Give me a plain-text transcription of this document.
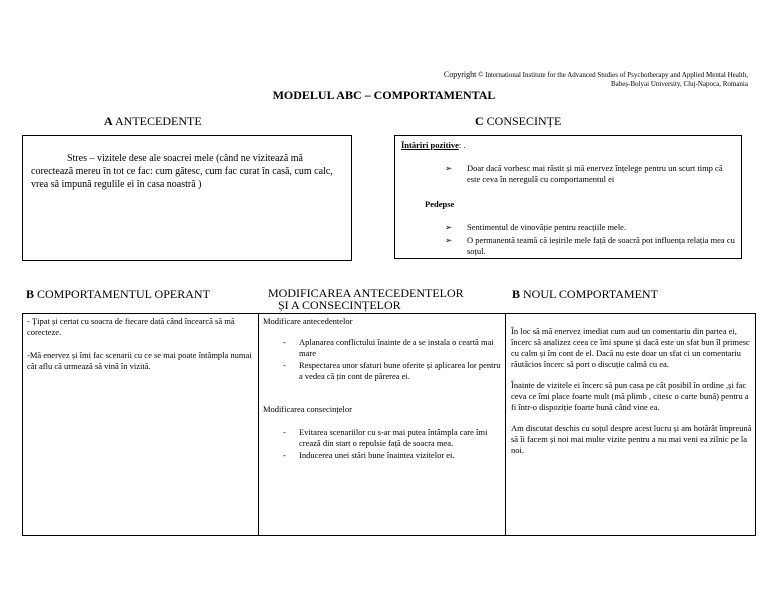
Copyright © International Institute for the Advanced Studies of Psychotherapy and Applied Mental Health,
Babeș-Bolyai University, Cluj-Napoca, Romania
MODELUL ABC – COMPORTAMENTAL
A ANTECEDENTE	C CONSECINȚE

Stres – vizitele dese ale soacrei mele (când ne vizitează mă corectează mereu în tot ce fac: cum gătesc, cum fac curat în casă, cum calc, vrea să impună regulile ei în casa noastră )

Întăriri pozitive: .
➢ Doar dacă vorbesc mai răstit și mă enervez înțelege pentru un scurt timp că este ceva în neregulă cu comportamentul ei
Pedepse
➢ Sentimentul de vinovăție pentru reacțiile mele.
➢ O permanentă teamă că ieșirile mele față de soacră pot influența relația mea cu soțul.
B COMPORTAMENTUL OPERANT	MODIFICAREA ANTECEDENTELOR
ȘI A CONSECINȚELOR
B NOUL COMPORTAMENT

- Țipat și certat cu soacra de fiecare dată când încearcă să mă corecteze.

-Mă enervez și îmi fac scenarii cu ce se mai poate întâmpla numai cât aflu că urmează să vină în vizită.

Modificare antecedentelor

- Aplanarea conflictului înainte de a se instala o ceartă mai mare
- Respectarea unor sfaturi bune oferite și aplicarea lor pentru a vedea că țin cont de părerea ei.

Modificarea consecințelor

- Evitarea scenariilor cu s-ar mai putea întâmpla care îmi crează din start o repulsie față de soacra mea.
- Inducerea unei stări bune înaintea vizitelor ei.

În loc să mă enervez imediat cum aud un comentariu din partea ei, încerc să analizez ceea ce îmi spune și dacă este un sfat bun îl primesc cu calm și îm cont de el. Dacă nu este doar un sfat ci un comentariu răutăcios încerc să port o discuție calmă cu ea.

Înainte de vizitele ei încerc să pun casa pe cât posibil în ordine ,și fac ceva ce îmi place foarte mult (mă plimb , citesc o carte bună) pentru a fi într-o dispoziție foarte bună când vine ea.

Am discutat deschis cu soțul despre acest lucru și am hotărât împreună să îi facem și noi mai multe vizite pentru a nu mai veni ea zilnic pe la noi.
